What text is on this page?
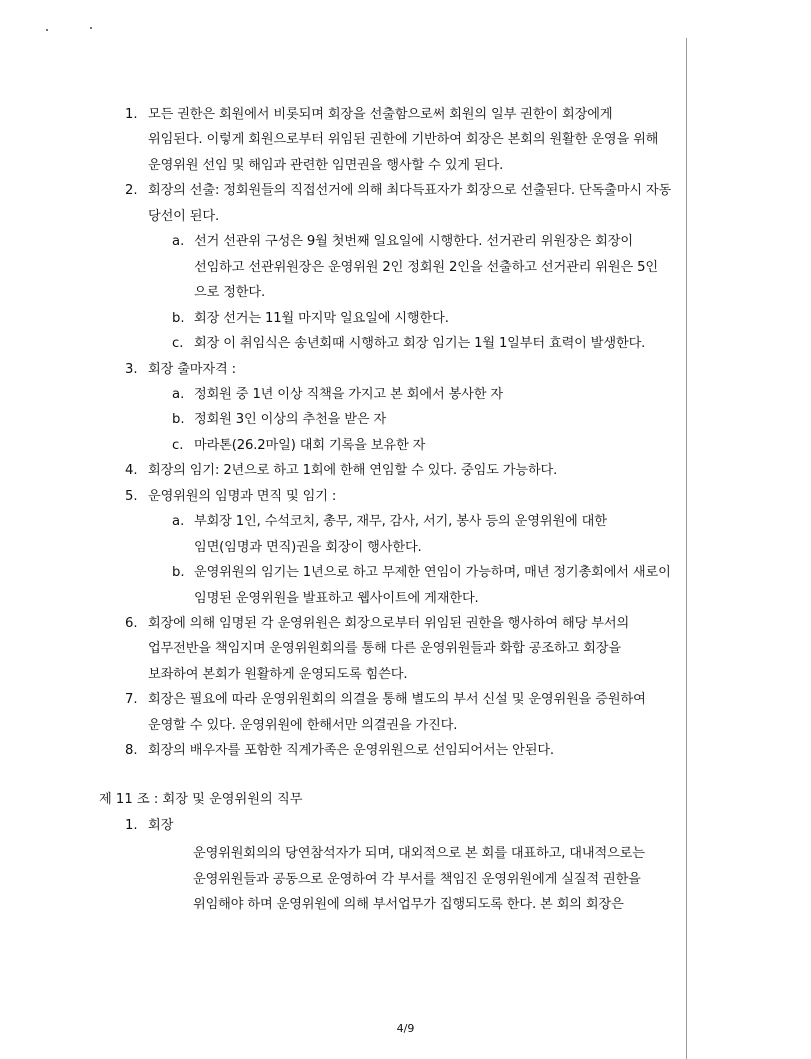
1. 모든 권한은 회원에서 비롯되며 회장을 선출함으로써 회원의 일부 권한이 회장에게
위임된다. 이렇게 회원으로부터 위임된 권한에 기반하여 회장은 본회의 원활한 운영을 위해
운영위원 선임 및 해임과 관련한 임면권을 행사할 수 있게 된다.
2. 회장의 선출: 정회원들의 직접선거에 의해 최다득표자가 회장으로 선출된다. 단독출마시 자동
당선이 된다.
a. 선거 선관위 구성은 9월 첫번째 일요일에 시행한다. 선거관리 위원장은 회장이
선임하고 선관위원장은 운영위원 2인 정회원 2인을 선출하고 선거관리 위원은 5인
으로 정한다.
b. 회장 선거는 11월 마지막 일요일에 시행한다.
c. 회장 이 취임식은 송년회때 시행하고 회장 임기는 1월 1일부터 효력이 발생한다.
3. 회장 출마자격 :
a. 정회원 중 1년 이상 직책을 가지고 본 회에서 봉사한 자
b. 정회원 3인 이상의 추천을 받은 자
c. 마라톤(26.2마일) 대회 기록을 보유한 자
4. 회장의 임기: 2년으로 하고 1회에 한해 연임할 수 있다. 중임도 가능하다.
5. 운영위원의 임명과 면직 및 임기 :
a. 부회장 1인, 수석코치, 총무, 재무, 감사, 서기, 봉사 등의 운영위원에 대한
임면(임명과 면직)권을 회장이 행사한다.
b. 운영위원의 임기는 1년으로 하고 무제한 연임이 가능하며, 매년 정기총회에서 새로이
임명된 운영위원을 발표하고 웹사이트에 게재한다.
6. 회장에 의해 임명된 각 운영위원은 회장으로부터 위임된 권한을 행사하여 해당 부서의
업무전반을 책임지며 운영위원회의를 통해 다른 운영위원들과 화합 공조하고 회장을
보좌하여 본회가 원활하게 운영되도록 힘쓴다.
7. 회장은 필요에 따라 운영위원회의 의결을 통해 별도의 부서 신설 및 운영위원을 증원하여
운영할 수 있다. 운영위원에 한해서만 의결권을 가진다.
8. 회장의 배우자를 포함한 직계가족은 운영위원으로 선임되어서는 안된다.
제 11 조 : 회장 및 운영위원의 직무
1. 회장
운영위원회의의 당연참석자가 되며, 대외적으로 본 회를 대표하고, 대내적으로는
운영위원들과 공동으로 운영하여 각 부서를 책임진 운영위원에게 실질적 권한을
위임해야 하며 운영위원에 의해 부서업무가 집행되도록 한다. 본 회의 회장은
4/9
